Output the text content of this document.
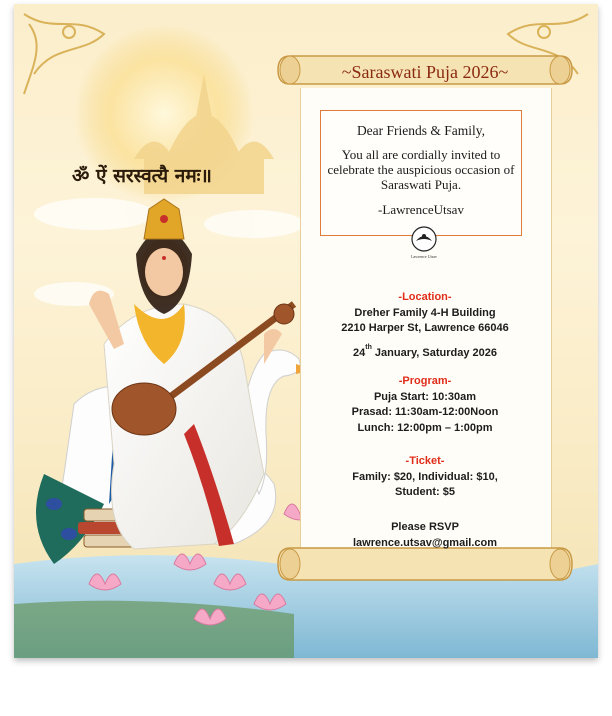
ॐ ऐं सरस्वत्यै नमः॥
~Saraswati Puja 2026~
Dear Friends & Family,
You all are cordially invited to celebrate the auspicious occasion of Saraswati Puja.
-LawrenceUtsav
Lawrence Utsav
-Location-
Dreher Family 4-H Building
2210 Harper St, Lawrence 66046
24th January, Saturday 2026
-Program-
Puja Start: 10:30am
Prasad: 11:30am-12:00Noon
Lunch: 12:00pm – 1:00pm
-Ticket-
Family: $20, Individual: $10,
Student: $5
Please RSVP
lawrence.utsav@gmail.com
